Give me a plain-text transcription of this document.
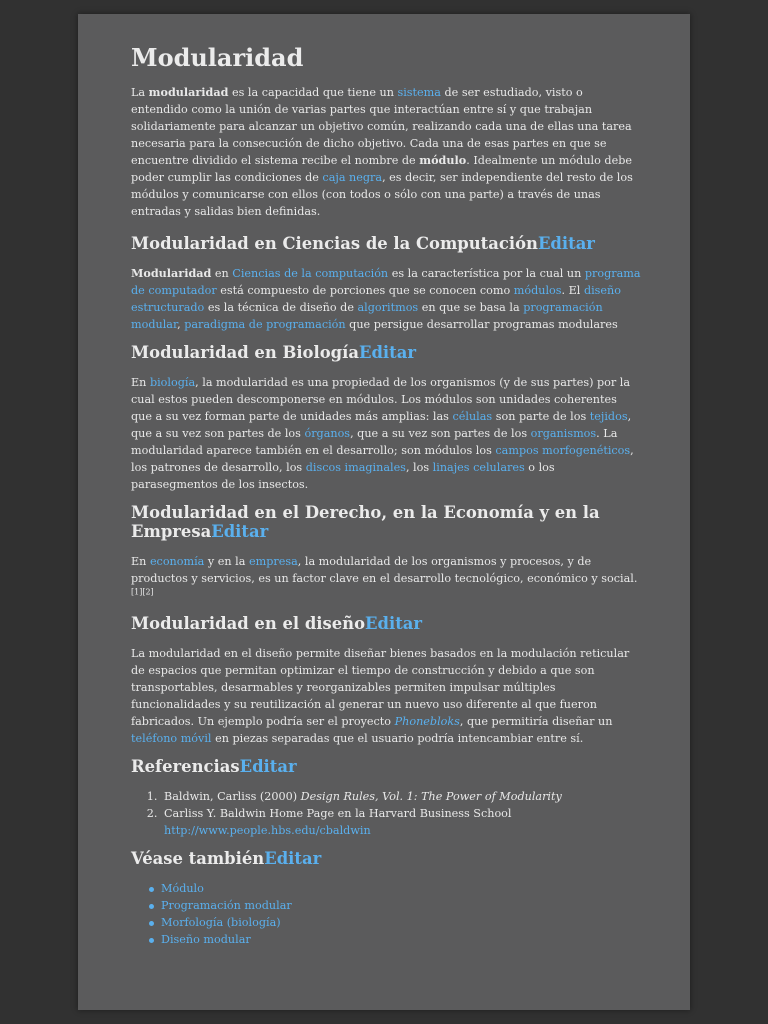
Modularidad

La modularidad es la capacidad que tiene un sistema de ser estudiado, visto o entendido como la unión de varias partes que interactúan entre sí y que trabajan solidariamente para alcanzar un objetivo común, realizando cada una de ellas una tarea necesaria para la consecución de dicho objetivo. Cada una de esas partes en que se encuentre dividido el sistema recibe el nombre de módulo. Idealmente un módulo debe poder cumplir las condiciones de caja negra, es decir, ser independiente del resto de los módulos y comunicarse con ellos (con todos o sólo con una parte) a través de unas entradas y salidas bien definidas.

Modularidad en Ciencias de la ComputaciónEditar

Modularidad en Ciencias de la computación es la característica por la cual un programa de computador está compuesto de porciones que se conocen como módulos. El diseño estructurado es la técnica de diseño de algoritmos en que se basa la programación modular, paradigma de programación que persigue desarrollar programas modulares

Modularidad en BiologíaEditar

En biología, la modularidad es una propiedad de los organismos (y de sus partes) por la cual estos pueden descomponerse en módulos. Los módulos son unidades coherentes que a su vez forman parte de unidades más amplias: las células son parte de los tejidos, que a su vez son partes de los órganos, que a su vez son partes de los organismos. La modularidad aparece también en el desarrollo; son módulos los campos morfogenéticos, los patrones de desarrollo, los discos imaginales, los linajes celulares o los parasegmentos de los insectos.

Modularidad en el Derecho, en la Economía y en la EmpresaEditar

En economía y en la empresa, la modularidad de los organismos y procesos, y de productos y servicios, es un factor clave en el desarrollo tecnológico, económico y social.[1][2]

Modularidad en el diseñoEditar

La modularidad en el diseño permite diseñar bienes basados en la modulación reticular de espacios que permitan optimizar el tiempo de construcción y debido a que son transportables, desarmables y reorganizables permiten impulsar múltiples funcionalidades y su reutilización al generar un nuevo uso diferente al que fueron fabricados. Un ejemplo podría ser el proyecto Phonebloks, que permitiría diseñar un teléfono móvil en piezas separadas que el usuario podría intencambiar entre sí.

ReferenciasEditar
1. Baldwin, Carliss (2000) Design Rules, Vol. 1: The Power of Modularity
2. Carliss Y. Baldwin Home Page en la Harvard Business School
http://www.people.hbs.edu/cbaldwin
Véase tambiénEditar
Módulo
Programación modular
Morfología (biología)
Diseño modular
